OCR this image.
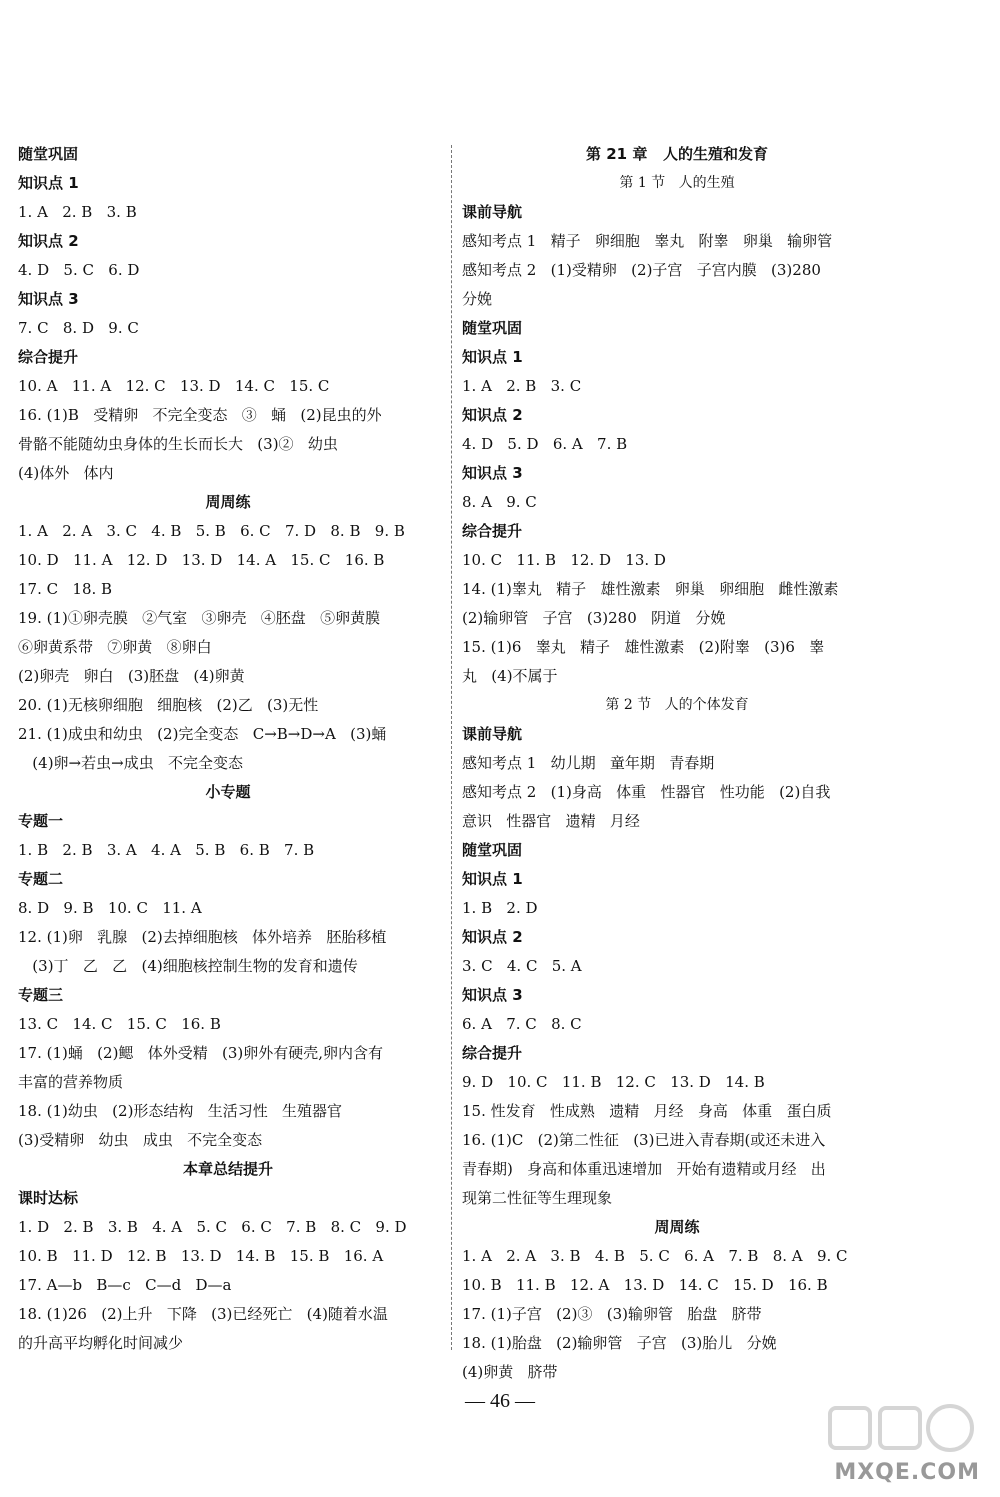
随堂巩固
知识点 1
1. A   2. B   3. B
知识点 2
4. D   5. C   6. D
知识点 3
7. C   8. D   9. C
综合提升
10. A   11. A   12. C   13. D   14. C   15. C
16. (1)B   受精卵   不完全变态   ③   蛹   (2)昆虫的外
骨骼不能随幼虫身体的生长而长大   (3)②   幼虫
(4)体外   体内
周周练
1. A   2. A   3. C   4. B   5. B   6. C   7. D   8. B   9. B
10. D   11. A   12. D   13. D   14. A   15. C   16. B
17. C   18. B
19. (1)①卵壳膜   ②气室   ③卵壳   ④胚盘   ⑤卵黄膜
⑥卵黄系带   ⑦卵黄   ⑧卵白
(2)卵壳   卵白   (3)胚盘   (4)卵黄
20. (1)无核卵细胞   细胞核   (2)乙   (3)无性
21. (1)成虫和幼虫   (2)完全变态   C→B→D→A   (3)蛹
(4)卵→若虫→成虫   不完全变态
小专题
专题一
1. B   2. B   3. A   4. A   5. B   6. B   7. B
专题二
8. D   9. B   10. C   11. A
12. (1)卵   乳腺   (2)去掉细胞核   体外培养   胚胎移植
(3)丁   乙   乙   (4)细胞核控制生物的发育和遗传
专题三
13. C   14. C   15. C   16. B
17. (1)蛹   (2)鳃   体外受精   (3)卵外有硬壳,卵内含有
丰富的营养物质
18. (1)幼虫   (2)形态结构   生活习性   生殖器官
(3)受精卵   幼虫   成虫   不完全变态
本章总结提升
课时达标
1. D   2. B   3. B   4. A   5. C   6. C   7. B   8. C   9. D
10. B   11. D   12. B   13. D   14. B   15. B   16. A
17. A—b   B—c   C—d   D—a
18. (1)26   (2)上升   下降   (3)已经死亡   (4)随着水温
的升高平均孵化时间减少
第 21 章   人的生殖和发育
第 1 节   人的生殖
课前导航
感知考点 1   精子   卵细胞   睾丸   附睾   卵巢   输卵管
感知考点 2   (1)受精卵   (2)子宫   子宫内膜   (3)280
分娩
随堂巩固
知识点 1
1. A   2. B   3. C
知识点 2
4. D   5. D   6. A   7. B
知识点 3
8. A   9. C
综合提升
10. C   11. B   12. D   13. D
14. (1)睾丸   精子   雄性激素   卵巢   卵细胞   雌性激素
(2)输卵管   子宫   (3)280   阴道   分娩
15. (1)6   睾丸   精子   雄性激素   (2)附睾   (3)6   睾
丸   (4)不属于
第 2 节   人的个体发育
课前导航
感知考点 1   幼儿期   童年期   青春期
感知考点 2   (1)身高   体重   性器官   性功能   (2)自我
意识   性器官   遗精   月经
随堂巩固
知识点 1
1. B   2. D
知识点 2
3. C   4. C   5. A
知识点 3
6. A   7. C   8. C
综合提升
9. D   10. C   11. B   12. C   13. D   14. B
15. 性发育   性成熟   遗精   月经   身高   体重   蛋白质
16. (1)C   (2)第二性征   (3)已进入青春期(或还未进入
青春期)   身高和体重迅速增加   开始有遗精或月经   出
现第二性征等生理现象
周周练
1. A   2. A   3. B   4. B   5. C   6. A   7. B   8. A   9. C
10. B   11. B   12. A   13. D   14. C   15. D   16. B
17. (1)子宫   (2)③   (3)输卵管   胎盘   脐带
18. (1)胎盘   (2)输卵管   子宫   (3)胎儿   分娩
(4)卵黄   脐带
— 46 —
MXQE.COM
